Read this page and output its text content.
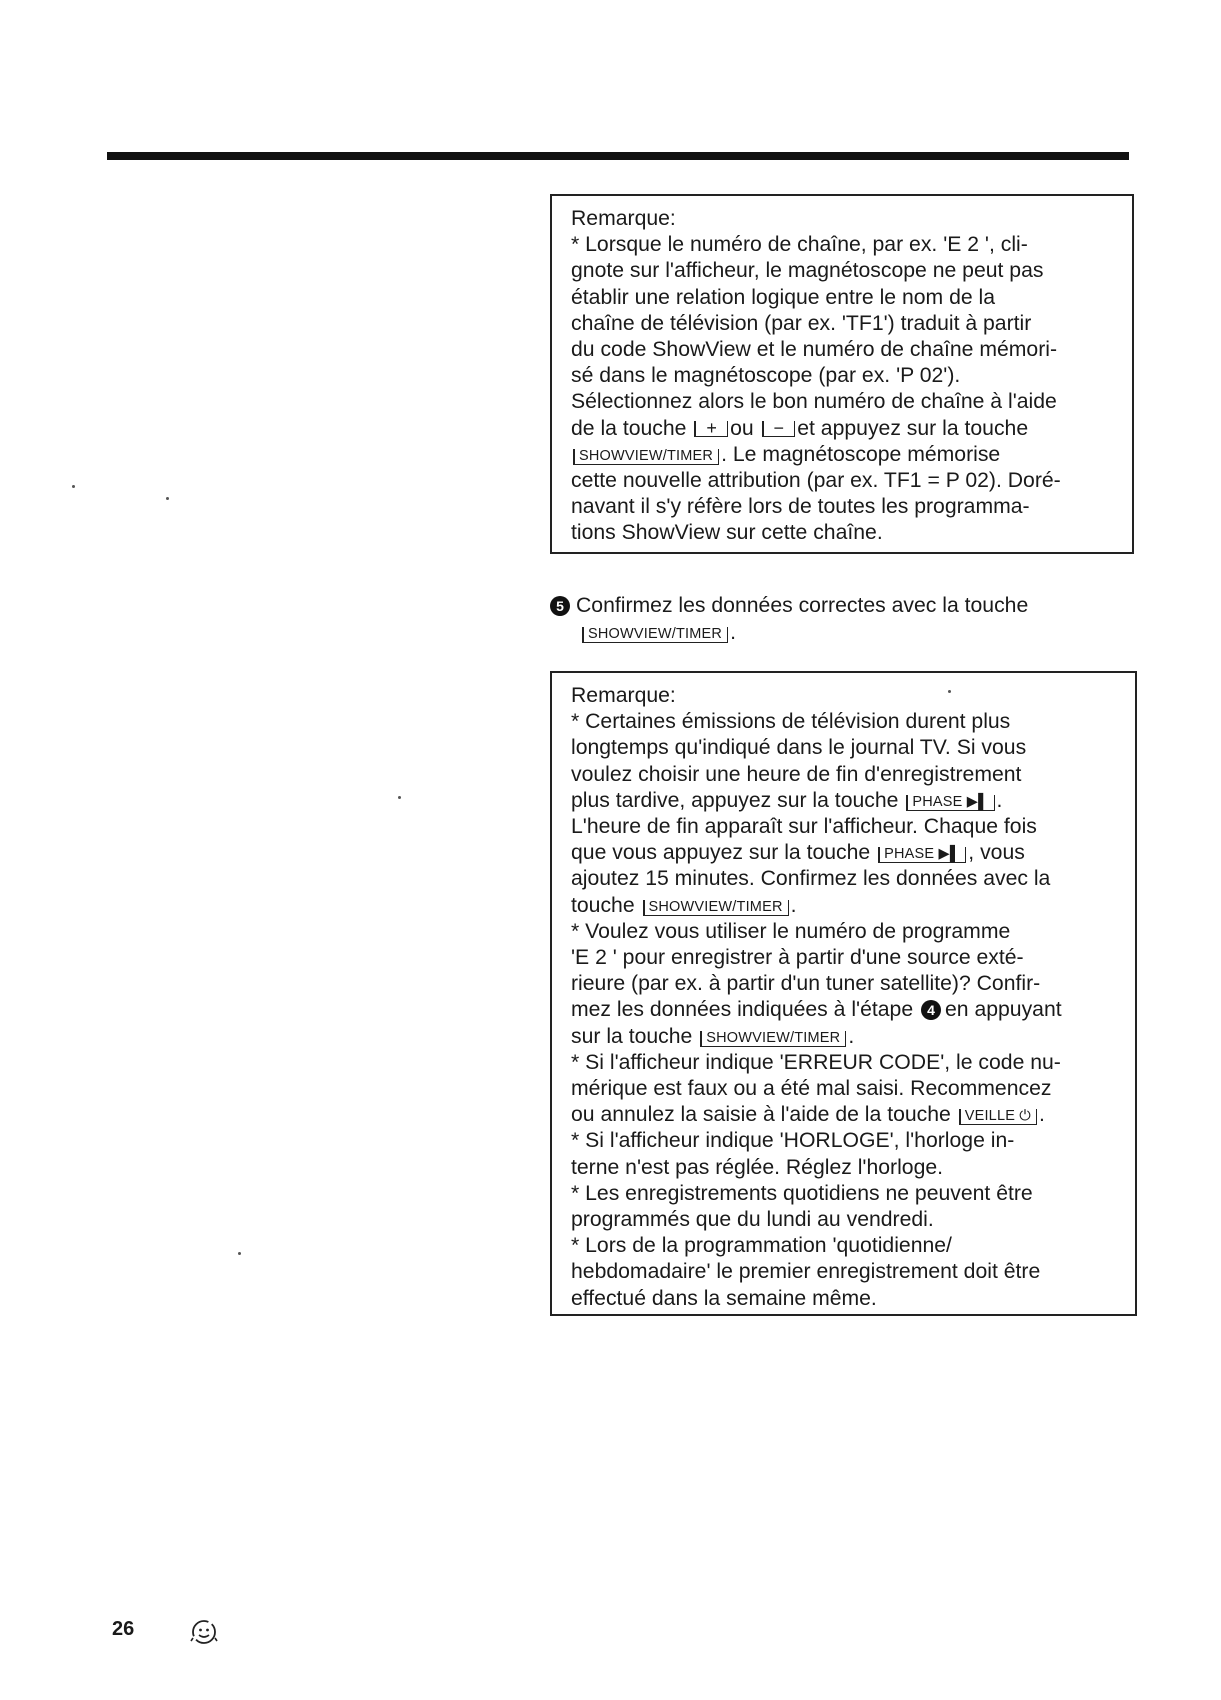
Remarque:

* Lorsque le numéro de chaîne, par ex. 'E 2 ', cli-

gnote sur l'afficheur, le magnétoscope ne peut pas

établir une relation logique entre le nom de la

chaîne de télévision (par ex. 'TF1') traduit à partir

du code ShowView et le numéro de chaîne mémori-

sé dans le magnétoscope (par ex. 'P 02').

Sélectionnez alors le bon numéro de chaîne à l'aide

de la touche + ou − et appuyez sur la touche

SHOWVIEW/TIMER . Le magnétoscope mémorise

cette nouvelle attribution (par ex. TF1 = P 02). Doré-

navant il s'y réfère lors de toutes les programma-

tions ShowView sur cette chaîne.

5 Confirmez les données correctes avec la touche
SHOWVIEW/TIMER .

Remarque:

* Certaines émissions de télévision durent plus

longtemps qu'indiqué dans le journal TV. Si vous

voulez choisir une heure de fin d'enregistrement

plus tardive, appuyez sur la touche PHASE ▶▌ .

L'heure de fin apparaît sur l'afficheur. Chaque fois

que vous appuyez sur la touche PHASE ▶▌ , vous

ajoutez 15 minutes. Confirmez les données avec la

touche SHOWVIEW/TIMER .

* Voulez vous utiliser le numéro de programme

'E 2 ' pour enregistrer à partir d'une source exté-

rieure (par ex. à partir d'un tuner satellite)? Confir-

mez les données indiquées à l'étape 4 en appuyant

sur la touche SHOWVIEW/TIMER .

* Si l'afficheur indique 'ERREUR CODE', le code nu-

mérique est faux ou a été mal saisi. Recommencez

ou annulez la saisie à l'aide de la touche VEILLE ⏻ .

* Si l'afficheur indique 'HORLOGE', l'horloge in-

terne n'est pas réglée. Réglez l'horloge.

* Les enregistrements quotidiens ne peuvent être

programmés que du lundi au vendredi.

* Lors de la programmation 'quotidienne/

hebdomadaire' le premier enregistrement doit être

effectué dans la semaine même.

26
